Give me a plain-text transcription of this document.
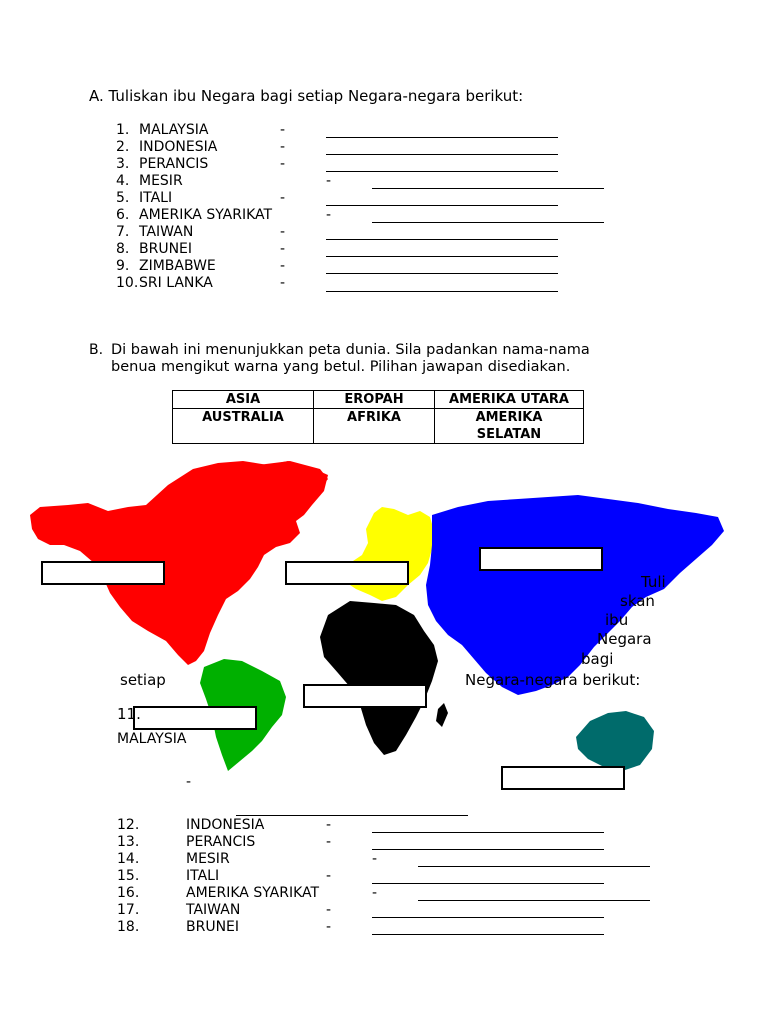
A. Tuliskan ibu Negara bagi setiap Negara-negara berikut:
1. MALAYSIA	-
2. INDONESIA	-
3. PERANCIS	-
4. MESIR	-
5. ITALI	-
6. AMERIKA SYARIKAT	-
7. TAIWAN	-
8. BRUNEI	-
9. ZIMBABWE	-
10. SRI LANKA	-
B. Di bawah ini menunjukkan peta dunia. Sila padankan nama-nama
benua mengikut warna yang betul. Pilihan jawapan disediakan.
ASIA	EROPAH	AMERIKA UTARA
AUSTRALIA	AFRIKA	AMERIKA SELATAN
Tuli
skan
ibu
Negara
bagi
setiap	Negara-negara berikut:
11.
MALAYSIA
-
12.	INDONESIA	-
13.	PERANCIS	-
14.	MESIR	-
15.	ITALI	-
16.	AMERIKA SYARIKAT	-
17.	TAIWAN	-
18.	BRUNEI	-
